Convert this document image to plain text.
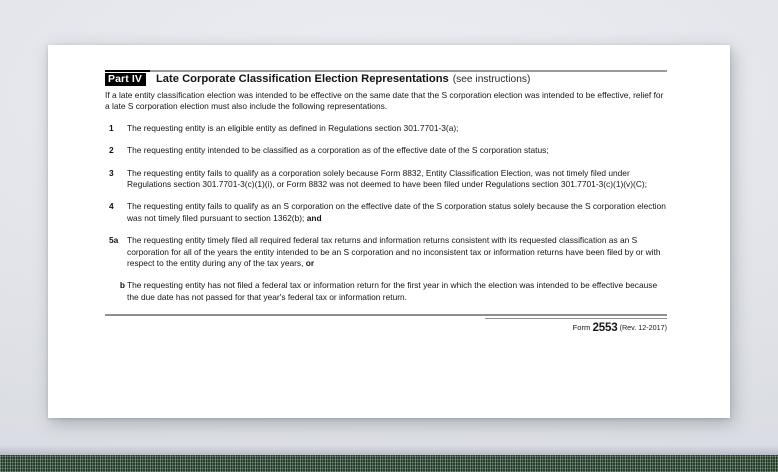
Part IV	Late Corporate Classification Election Representations (see instructions)
If a late entity classification election was intended to be effective on the same date that the S corporation election was intended to be effective, relief for a late S corporation election must also include the following representations.
1	The requesting entity is an eligible entity as defined in Regulations section 301.7701-3(a);
2	The requesting entity intended to be classified as a corporation as of the effective date of the S corporation status;
3	The requesting entity fails to qualify as a corporation solely because Form 8832, Entity Classification Election, was not timely filed under Regulations section 301.7701-3(c)(1)(i), or Form 8832 was not deemed to have been filed under Regulations section 301.7701-3(c)(1)(v)(C);
4	The requesting entity fails to qualify as an S corporation on the effective date of the S corporation status solely because the S corporation election was not timely filed pursuant to section 1362(b); and
5a	The requesting entity timely filed all required federal tax returns and information returns consistent with its requested classification as an S corporation for all of the years the entity intended to be an S corporation and no inconsistent tax or information returns have been filed by or with respect to the entity during any of the tax years, or
b The requesting entity has not filed a federal tax or information return for the first year in which the election was intended to be effective because the due date has not passed for that year's federal tax or information return.
Form 2553 (Rev. 12-2017)
